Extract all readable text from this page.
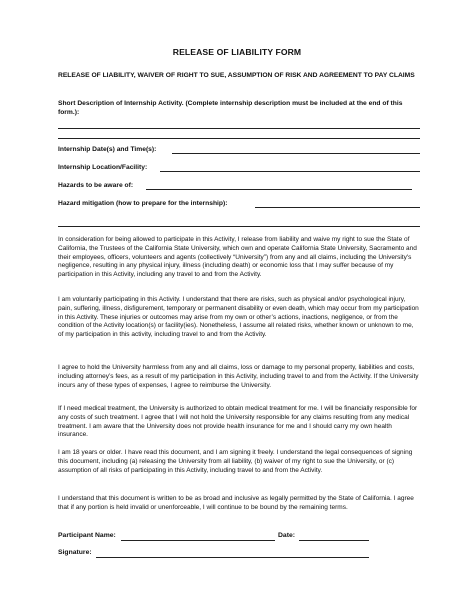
RELEASE OF LIABILITY FORM
RELEASE OF LIABILITY, WAIVER OF RIGHT TO SUE, ASSUMPTION OF RISK AND AGREEMENT TO PAY CLAIMS
Short Description of Internship Activity. (Complete internship description must be included at the end of this form.):
Internship Date(s) and Time(s):
Internship Location/Facility:
Hazards to be aware of:
Hazard mitigation (how to prepare for the internship):
In consideration for being allowed to participate in this Activity, I release from liability and waive my right to sue the State of California, the Trustees of the California State University, which own and operate California State University, Sacramento and their employees, officers, volunteers and agents (collectively “University”) from any and all claims, including the University's negligence, resulting in any physical injury, illness (including death) or economic loss that I may suffer because of my participation in this Activity, including any travel to and from the Activity.
I am voluntarily participating in this Activity. I understand that there are risks, such as physical and/or psychological injury, pain, suffering, illness, disfigurement, temporary or permanent disability or even death, which may occur from my participation in this Activity. These injuries or outcomes may arise from my own or other’s actions, inactions, negligence, or from the condition of the Activity location(s) or facility(ies). Nonetheless, I assume all related risks, whether known or unknown to me, of my participation in this activity, including travel to and from the Activity.
I agree to hold the University harmless from any and all claims, loss or damage to my personal property, liabilities and costs, including attorney’s fees, as a result of my participation in this Activity, including travel to and from the Activity. If the University incurs any of these types of expenses, I agree to reimburse the University.
If I need medical treatment, the University is authorized to obtain medical treatment for me. I will be financially responsible for any costs of such treatment. I agree that I will not hold the University responsible for any claims resulting from any medical treatment. I am aware that the University does not provide health insurance for me and I should carry my own health insurance.
I am 18 years or older. I have read this document, and I am signing it freely. I understand the legal consequences of signing this document, including (a) releasing the University from all liability, (b) waiver of my right to sue the University, or (c) assumption of all risks of participating in this Activity, including travel to and from the Activity.
I understand that this document is written to be as broad and inclusive as legally permitted by the State of California. I agree that if any portion is held invalid or unenforceable, I will continue to be bound by the remaining terms.
Participant Name:	Date:
Signature:
